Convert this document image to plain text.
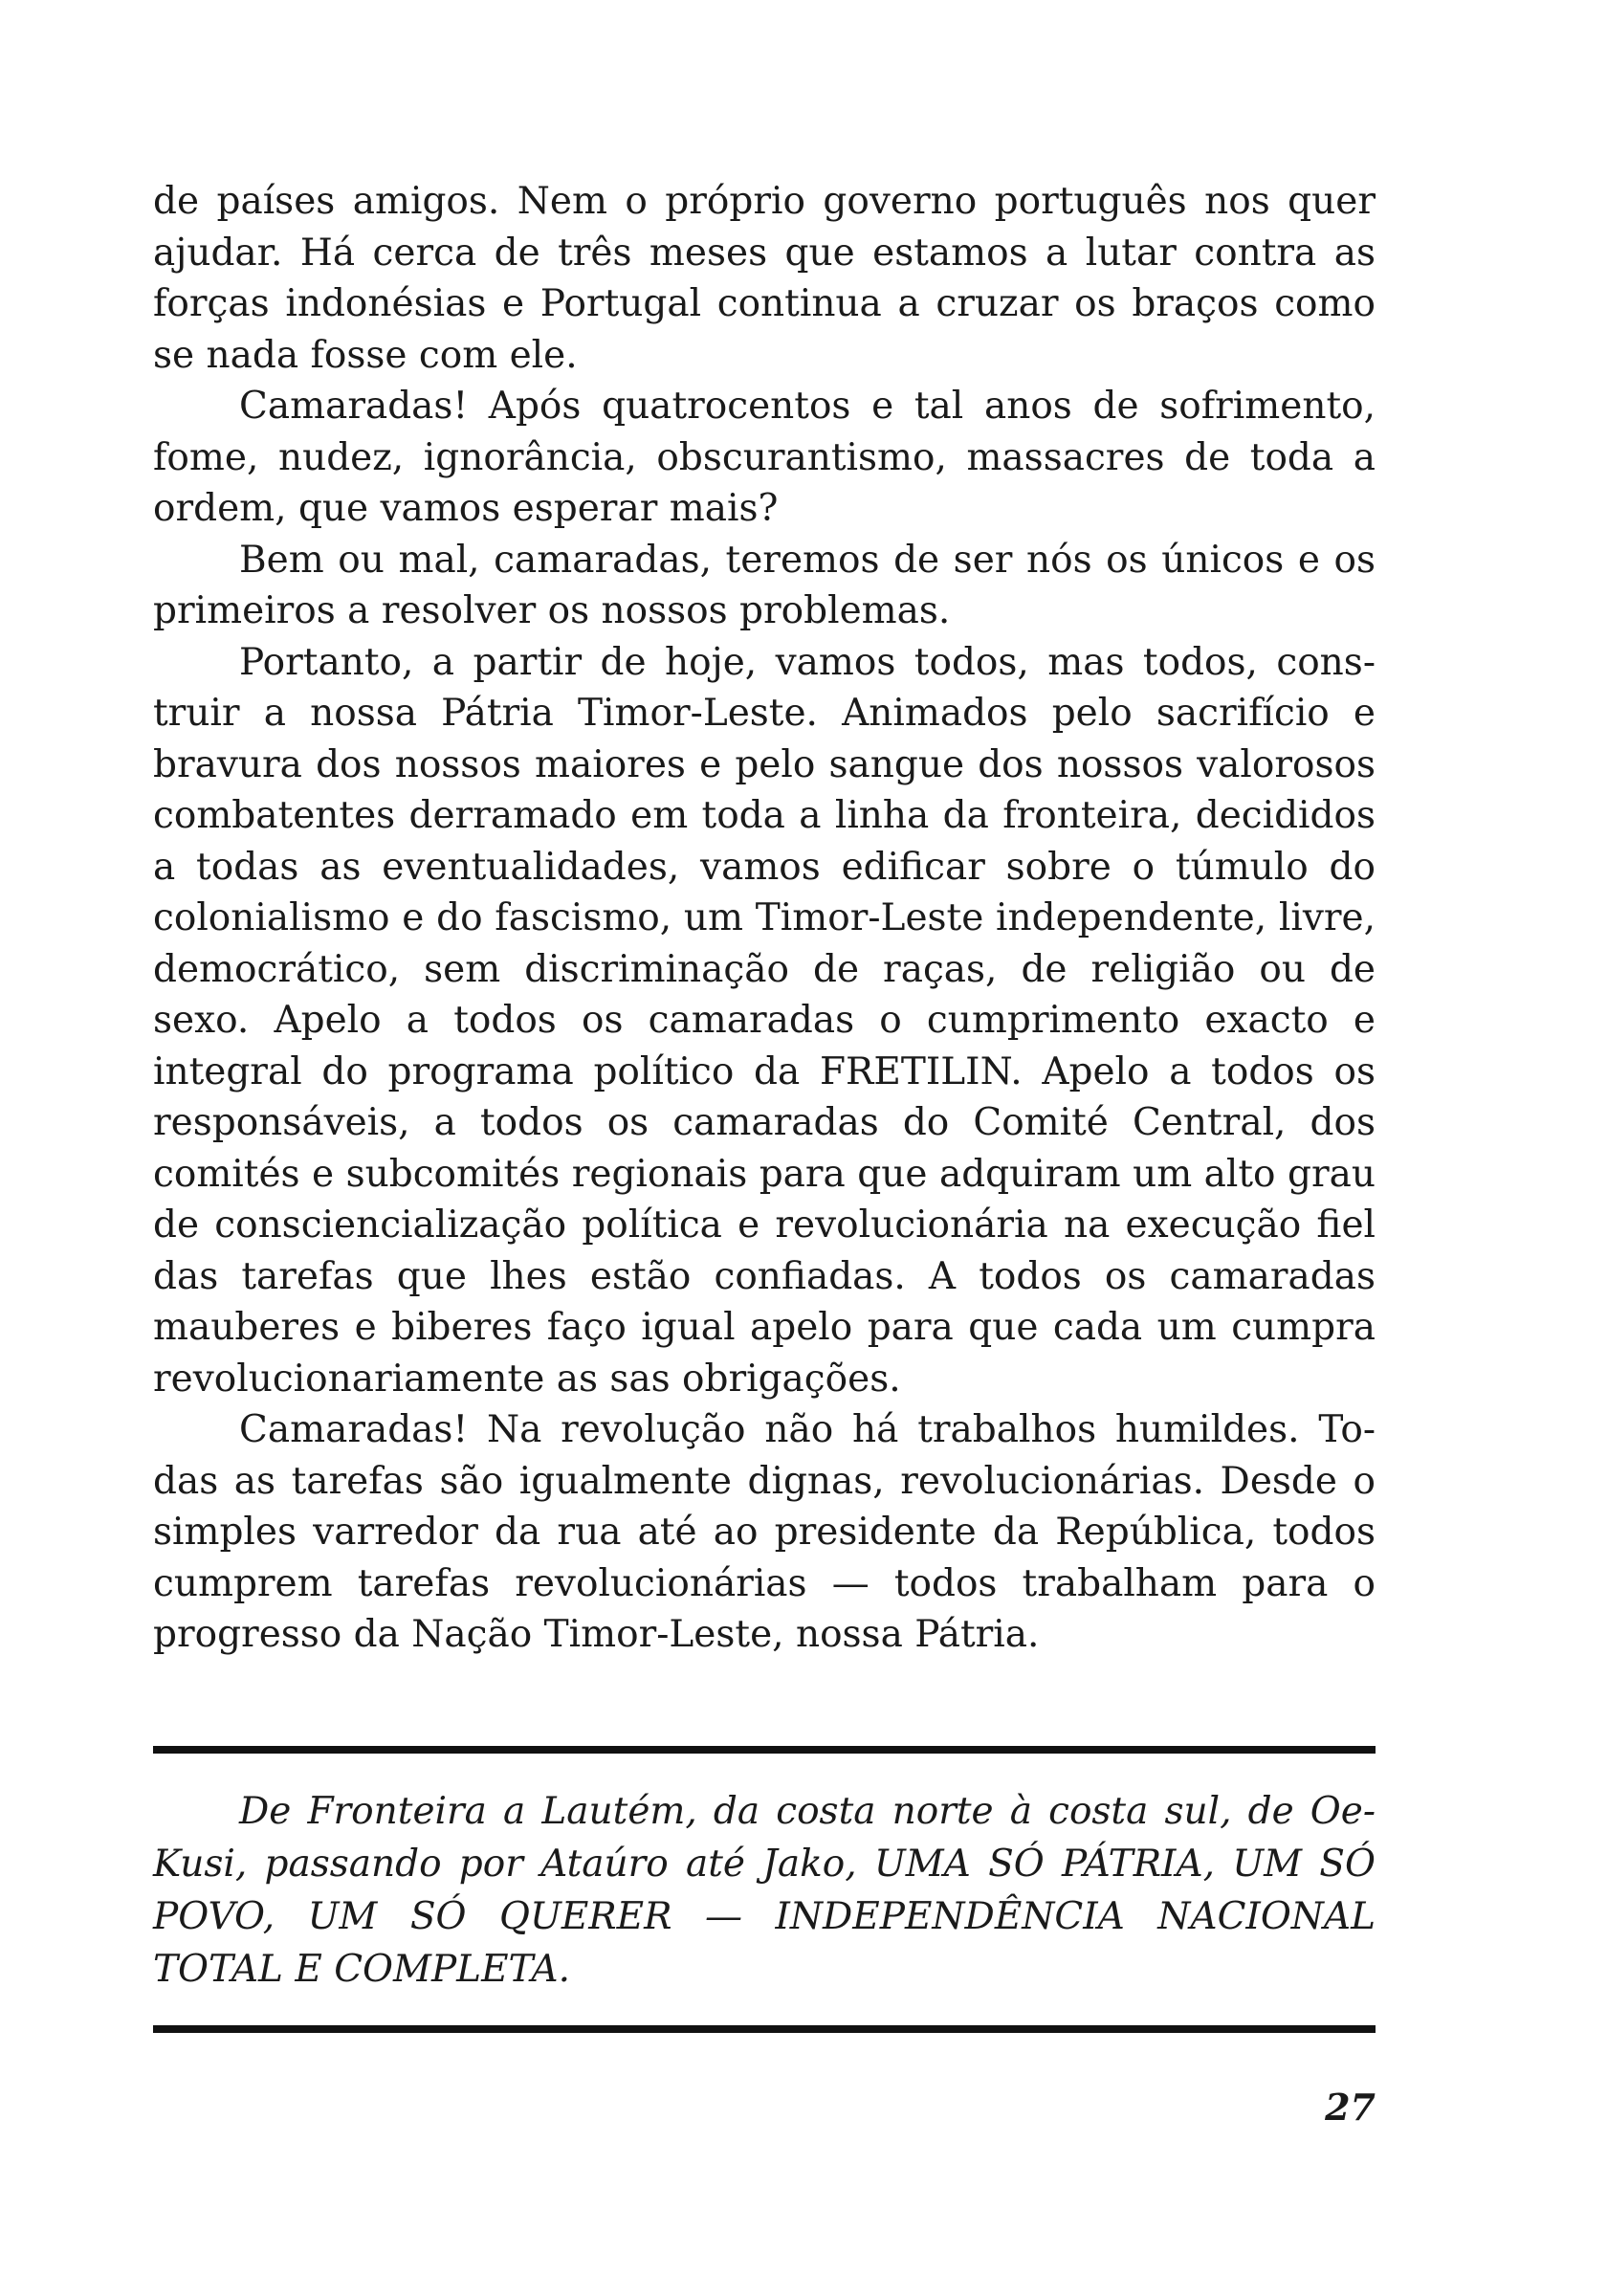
de países amigos. Nem o próprio governo português nos quer ajudar. Há cerca de três meses que estamos a lutar contra as forças indonésias e Portugal continua a cruzar os braços como se nada fosse com ele.

Camaradas! Após quatrocentos e tal anos de sofrimento, fome, nudez, ignorância, obscurantismo, massacres de toda a ordem, que vamos esperar mais?

Bem ou mal, camaradas, teremos de ser nós os únicos e os primeiros a resolver os nossos problemas.

Portanto, a partir de hoje, vamos todos, mas todos, construir a nossa Pátria Timor-Leste. Animados pelo sacrifício e bravura dos nossos maiores e pelo sangue dos nossos valorosos combatentes derramado em toda a linha da fronteira, decididos a todas as eventualidades, vamos edificar sobre o túmulo do colonialismo e do fascismo, um Timor-Leste independente, livre, democrático, sem discriminação de raças, de religião ou de sexo. Apelo a todos os camaradas o cumprimento exacto e integral do programa político da FRETILIN. Apelo a todos os responsáveis, a todos os camaradas do Comité Central, dos comités e subcomités regionais para que adquiram um alto grau de consciencialização política e revolucionária na execução fiel das tarefas que lhes estão confiadas. A todos os camaradas mauberes e biberes faço igual apelo para que cada um cumpra revolucionariamente as sas obrigações.

Camaradas! Na revolução não há trabalhos humildes. Todas as tarefas são igualmente dignas, revolucionárias. Desde o simples varredor da rua até ao presidente da República, todos cumprem tarefas revolucionárias — todos trabalham para o progresso da Nação Timor-Leste, nossa Pátria.

De Fronteira a Lautém, da costa norte à costa sul, de Oe-Kusi, passando por Ataúro até Jako, UMA SÓ PÁTRIA, UM SÓ POVO, UM SÓ QUERER — INDEPENDÊNCIA NACIONAL TOTAL E COMPLETA.

27
